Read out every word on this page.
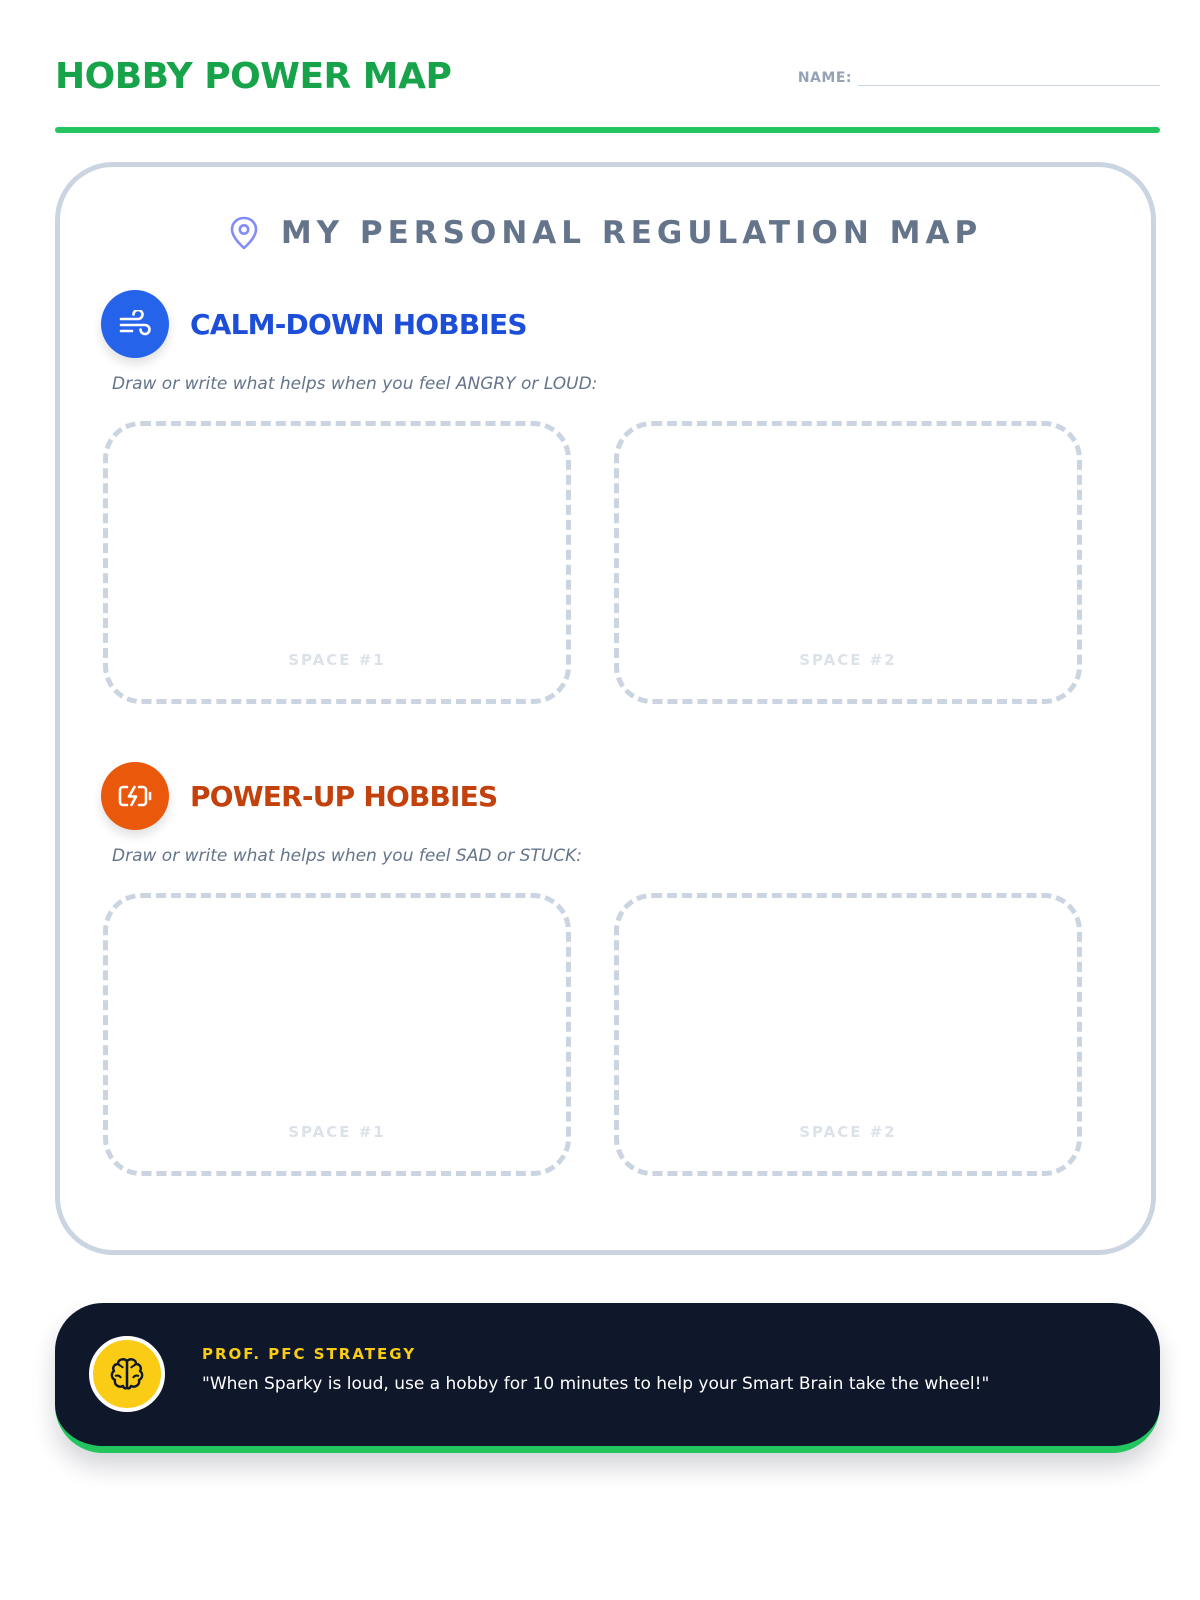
HOBBY POWER MAP	NAME:
MY PERSONAL REGULATION MAP
CALM-DOWN HOBBIES
Draw or write what helps when you feel ANGRY or LOUD:
SPACE #1	SPACE #2
POWER-UP HOBBIES
Draw or write what helps when you feel SAD or STUCK:
SPACE #1	SPACE #2
PROF. PFC STRATEGY
"When Sparky is loud, use a hobby for 10 minutes to help your Smart Brain take the wheel!"
